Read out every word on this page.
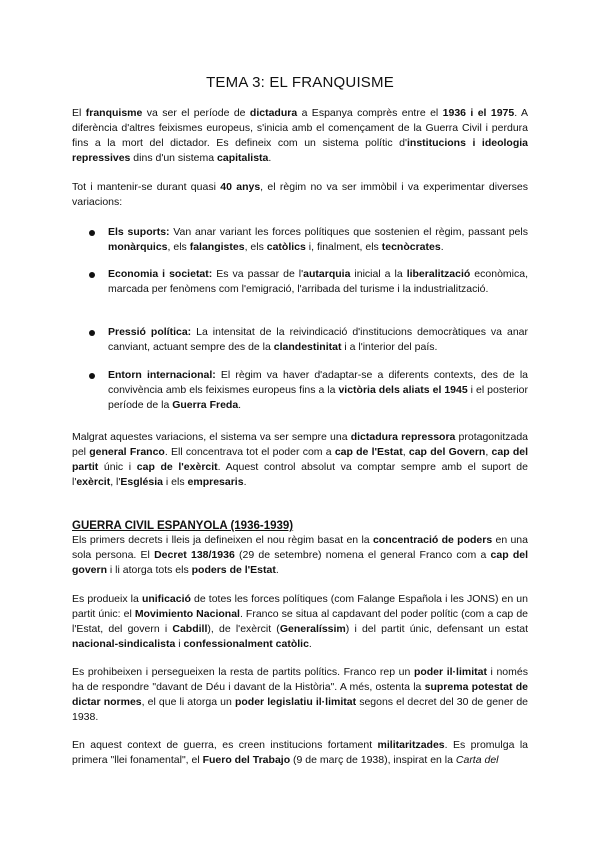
TEMA 3: EL FRANQUISME
El franquisme va ser el període de dictadura a Espanya comprès entre el 1936 i el 1975. A diferència d'altres feixismes europeus, s'inicia amb el començament de la Guerra Civil i perdura fins a la mort del dictador. Es defineix com un sistema polític d'institucions i ideologia repressives dins d'un sistema capitalista.
Tot i mantenir-se durant quasi 40 anys, el règim no va ser immòbil i va experimentar diverses variacions:
Els suports: Van anar variant les forces polítiques que sostenien el règim, passant pels monàrquics, els falangistes, els catòlics i, finalment, els tecnòcrates.
Economia i societat: Es va passar de l'autarquia inicial a la liberalització econòmica, marcada per fenòmens com l'emigració, l'arribada del turisme i la industrialització.
Pressió política: La intensitat de la reivindicació d'institucions democràtiques va anar canviant, actuant sempre des de la clandestinitat i a l'interior del país.
Entorn internacional: El règim va haver d'adaptar-se a diferents contexts, des de la convivència amb els feixismes europeus fins a la victòria dels aliats el 1945 i el posterior període de la Guerra Freda.
Malgrat aquestes variacions, el sistema va ser sempre una dictadura repressora protagonitzada pel general Franco. Ell concentrava tot el poder com a cap de l'Estat, cap del Govern, cap del partit únic i cap de l'exèrcit. Aquest control absolut va comptar sempre amb el suport de l'exèrcit, l'Església i els empresaris.
GUERRA CIVIL ESPANYOLA (1936-1939)
Els primers decrets i lleis ja defineixen el nou règim basat en la concentració de poders en una sola persona. El Decret 138/1936 (29 de setembre) nomena el general Franco com a cap del govern i li atorga tots els poders de l'Estat.
Es produeix la unificació de totes les forces polítiques (com Falange Española i les JONS) en un partit únic: el Movimiento Nacional. Franco se situa al capdavant del poder polític (com a cap de l'Estat, del govern i Cabdill), de l'exèrcit (Generalíssim) i del partit únic, defensant un estat nacional-sindicalista i confessionalment catòlic.
Es prohibeixen i persegueixen la resta de partits polítics. Franco rep un poder il·limitat i només ha de respondre "davant de Déu i davant de la Història". A més, ostenta la suprema potestat de dictar normes, el que li atorga un poder legislatiu il·limitat segons el decret del 30 de gener de 1938.
En aquest context de guerra, es creen institucions fortament militaritzades. Es promulga la primera "llei fonamental", el Fuero del Trabajo (9 de març de 1938), inspirat en la Carta del
